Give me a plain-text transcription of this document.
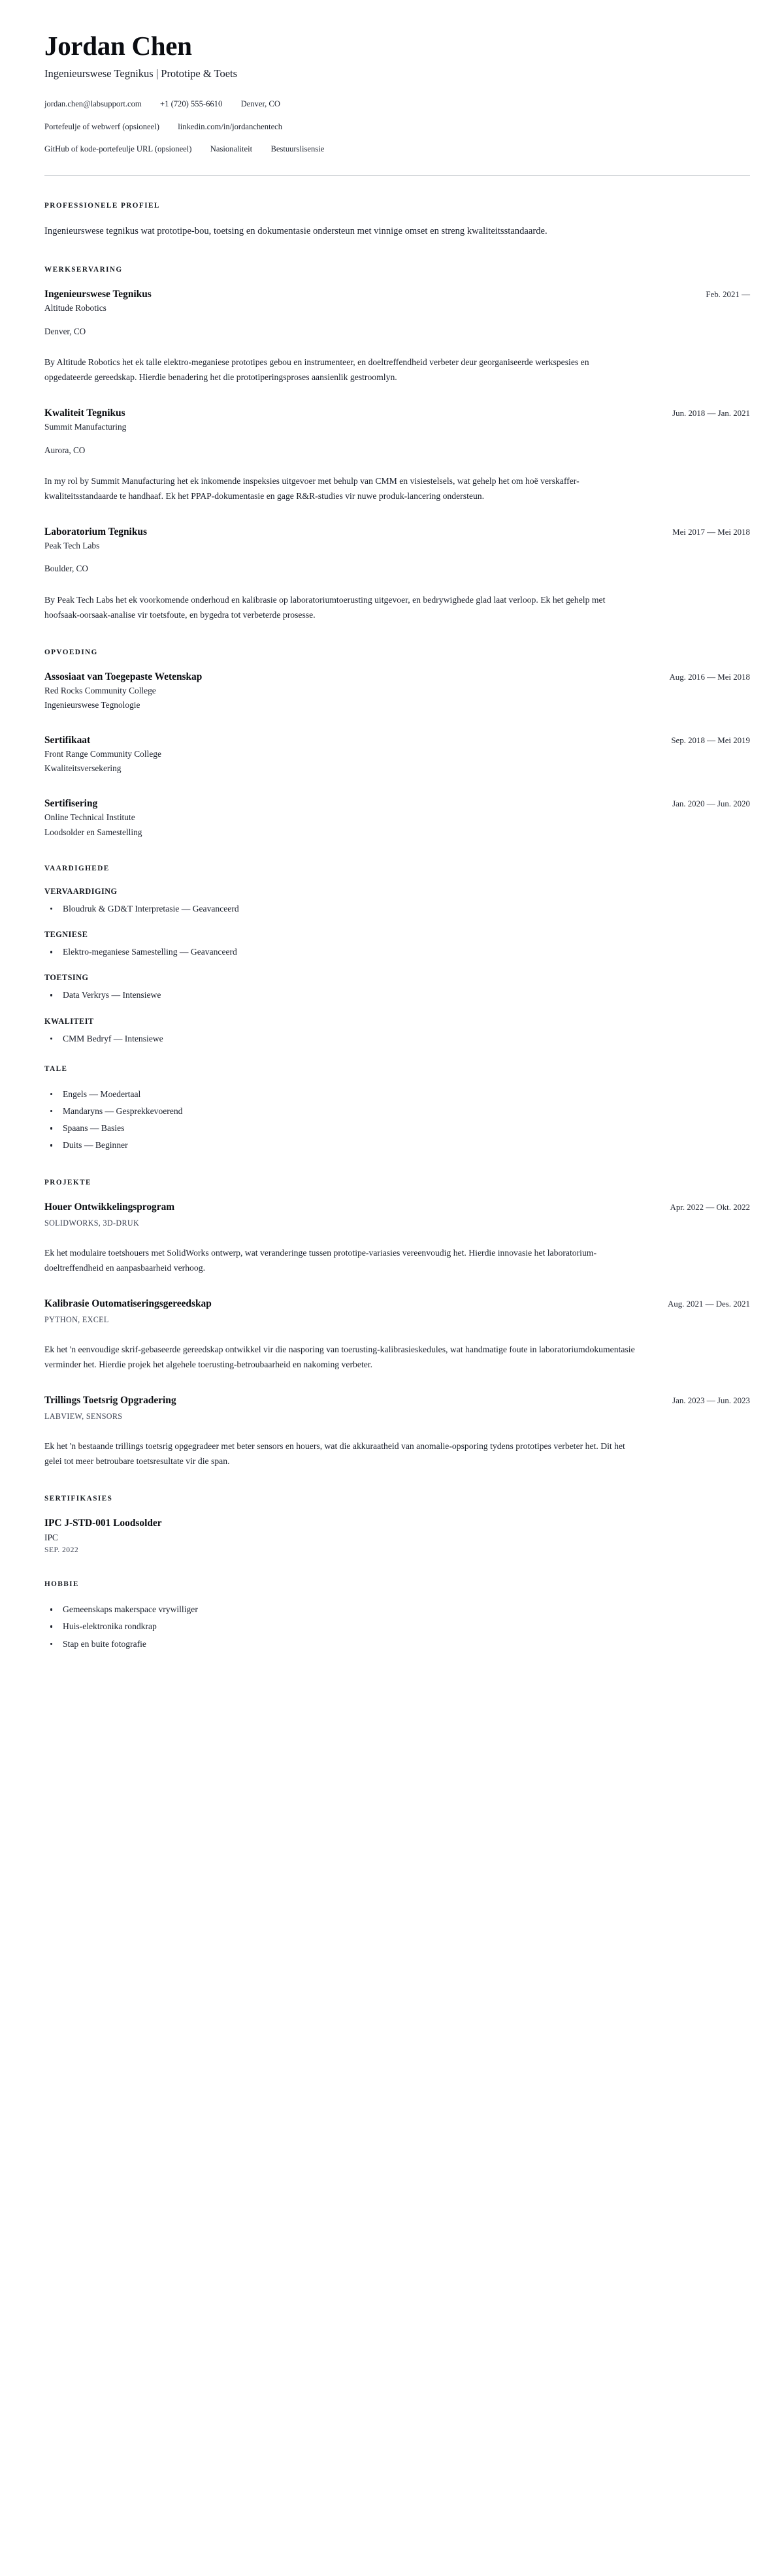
Jordan Chen
Ingenieurswese Tegnikus | Prototipe & Toets
jordan.chen@labsupport.com +1 (720) 555-6610 Denver, CO
Portefeulje of webwerf (opsioneel) linkedin.com/in/jordanchentech
GitHub of kode-portefeulje URL (opsioneel) Nasionaliteit Bestuurslisensie
PROFESSIONELE PROFIEL

Ingenieurswese tegnikus wat prototipe-bou, toetsing en dokumentasie ondersteun met vinnige omset en streng kwaliteitsstandaarde.

WERKSERVARING
Ingenieurswese Tegnikus	Feb. 2021 —

Altitude Robotics

Denver, CO

By Altitude Robotics het ek talle elektro-meganiese prototipes gebou en instrumenteer, en doeltreffendheid verbeter deur georganiseerde werkspesies en opgedateerde gereedskap. Hierdie benadering het die prototiperingsproses aansienlik gestroomlyn.

Kwaliteit Tegnikus	Jun. 2018 — Jan. 2021

Summit Manufacturing

Aurora, CO

In my rol by Summit Manufacturing het ek inkomende inspeksies uitgevoer met behulp van CMM en visiestelsels, wat gehelp het om hoë verskaffer-kwaliteitsstandaarde te handhaaf. Ek het PPAP-dokumentasie en gage R&R-studies vir nuwe produk-lancering ondersteun.

Laboratorium Tegnikus	Mei 2017 — Mei 2018

Peak Tech Labs

Boulder, CO

By Peak Tech Labs het ek voorkomende onderhoud en kalibrasie op laboratoriumtoerusting uitgevoer, en bedrywighede glad laat verloop. Ek het gehelp met hoofsaak-oorsaak-analise vir toetsfoute, en bygedra tot verbeterde prosesse.

OPVOEDING
Assosiaat van Toegepaste Wetenskap	Aug. 2016 — Mei 2018

Red Rocks Community College

Ingenieurswese Tegnologie

Sertifikaat	Sep. 2018 — Mei 2019

Front Range Community College

Kwaliteitsversekering

Sertifisering	Jan. 2020 — Jun. 2020

Online Technical Institute

Loodsolder en Samestelling

VAARDIGHEDE
VERVAARDIGING
Bloudruk & GD&T Interpretasie — Geavanceerd
TEGNIESE
Elektro-meganiese Samestelling — Geavanceerd
TOETSING
Data Verkrys — Intensiewe
KWALITEIT
CMM Bedryf — Intensiewe
TALE
Engels — Moedertaal
Mandaryns — Gesprekkevoerend
Spaans — Basies
Duits — Beginner
PROJEKTE
Houer Ontwikkelingsprogram	Apr. 2022 — Okt. 2022

SOLIDWORKS, 3D-DRUK

Ek het modulaire toetshouers met SolidWorks ontwerp, wat veranderinge tussen prototipe-variasies vereenvoudig het. Hierdie innovasie het laboratorium-doeltreffendheid en aanpasbaarheid verhoog.

Kalibrasie Outomatiseringsgereedskap	Aug. 2021 — Des. 2021

PYTHON, EXCEL

Ek het 'n eenvoudige skrif-gebaseerde gereedskap ontwikkel vir die nasporing van toerusting-kalibrasieskedules, wat handmatige foute in laboratoriumdokumentasie verminder het. Hierdie projek het algehele toerusting-betroubaarheid en nakoming verbeter.

Trillings Toetsrig Opgradering	Jan. 2023 — Jun. 2023

LABVIEW, SENSORS

Ek het 'n bestaande trillings toetsrig opgegradeer met beter sensors en houers, wat die akkuraatheid van anomalie-opsporing tydens prototipes verbeter het. Dit het gelei tot meer betroubare toetsresultate vir die span.

SERTIFIKASIES
IPC J-STD-001 Loodsolder

IPC

SEP. 2022

HOBBIE
Gemeenskaps makerspace vrywilliger
Huis-elektronika rondkrap
Stap en buite fotografie
